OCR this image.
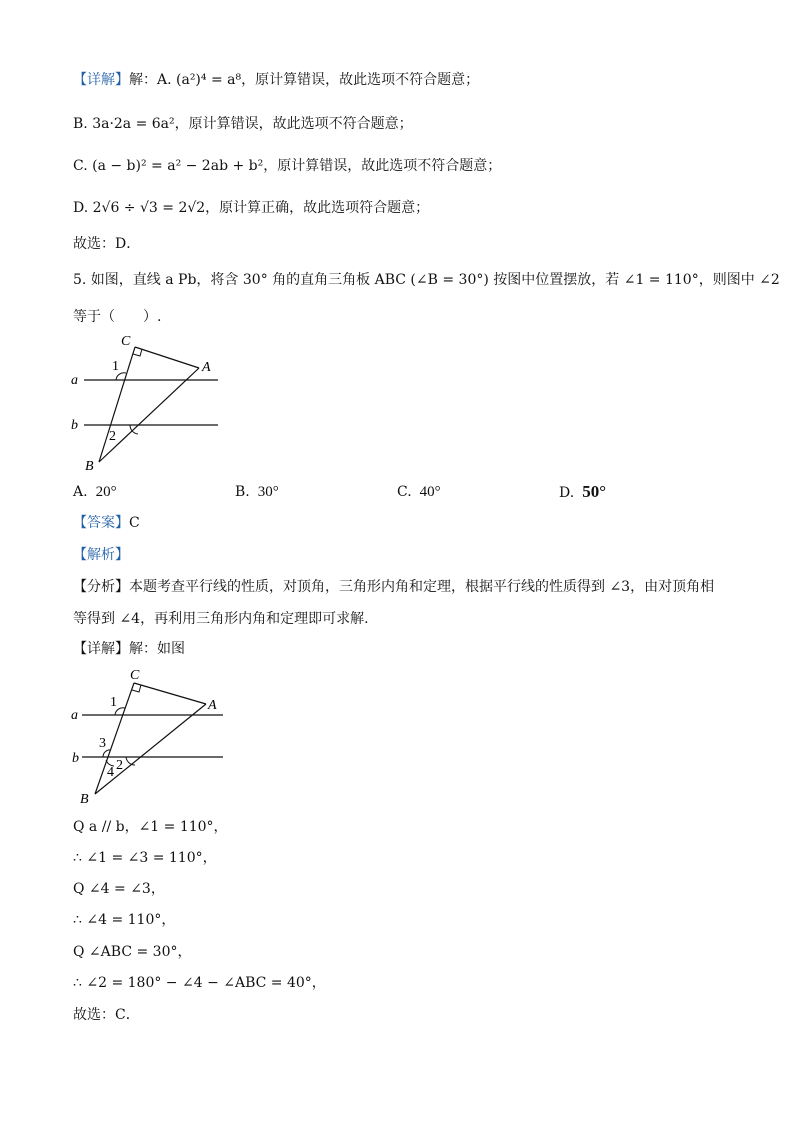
【详解】解：A. (a²)⁴ = a⁸，原计算错误，故此选项不符合题意；
B. 3a·2a = 6a²，原计算错误，故此选项不符合题意；
C. (a − b)² = a² − 2ab + b²，原计算错误，故此选项不符合题意；
D. 2√6 ÷ √3 = 2√2，原计算正确，故此选项符合题意；
故选：D．
5. 如图，直线 a Pb，将含 30° 角的直角三角板 ABC (∠B = 30°) 按图中位置摆放，若 ∠1 = 110°，则图中 ∠2
等于（　　）.
C
1	A
a
b
2
B
A. 20°	B. 30°	C. 40°	D. 50°
【答案】C
【解析】
【分析】本题考查平行线的性质，对顶角，三角形内角和定理，根据平行线的性质得到 ∠3，由对顶角相
等得到 ∠4，再利用三角形内角和定理即可求解.
【详解】解：如图
C
1	A
a
3
b
4 2
B
Q a // b，∠1 = 110°，
∴ ∠1 = ∠3 = 110°，
Q ∠4 = ∠3，
∴ ∠4 = 110°，
Q ∠ABC = 30°，
∴ ∠2 = 180° − ∠4 − ∠ABC = 40°，
故选：C．
